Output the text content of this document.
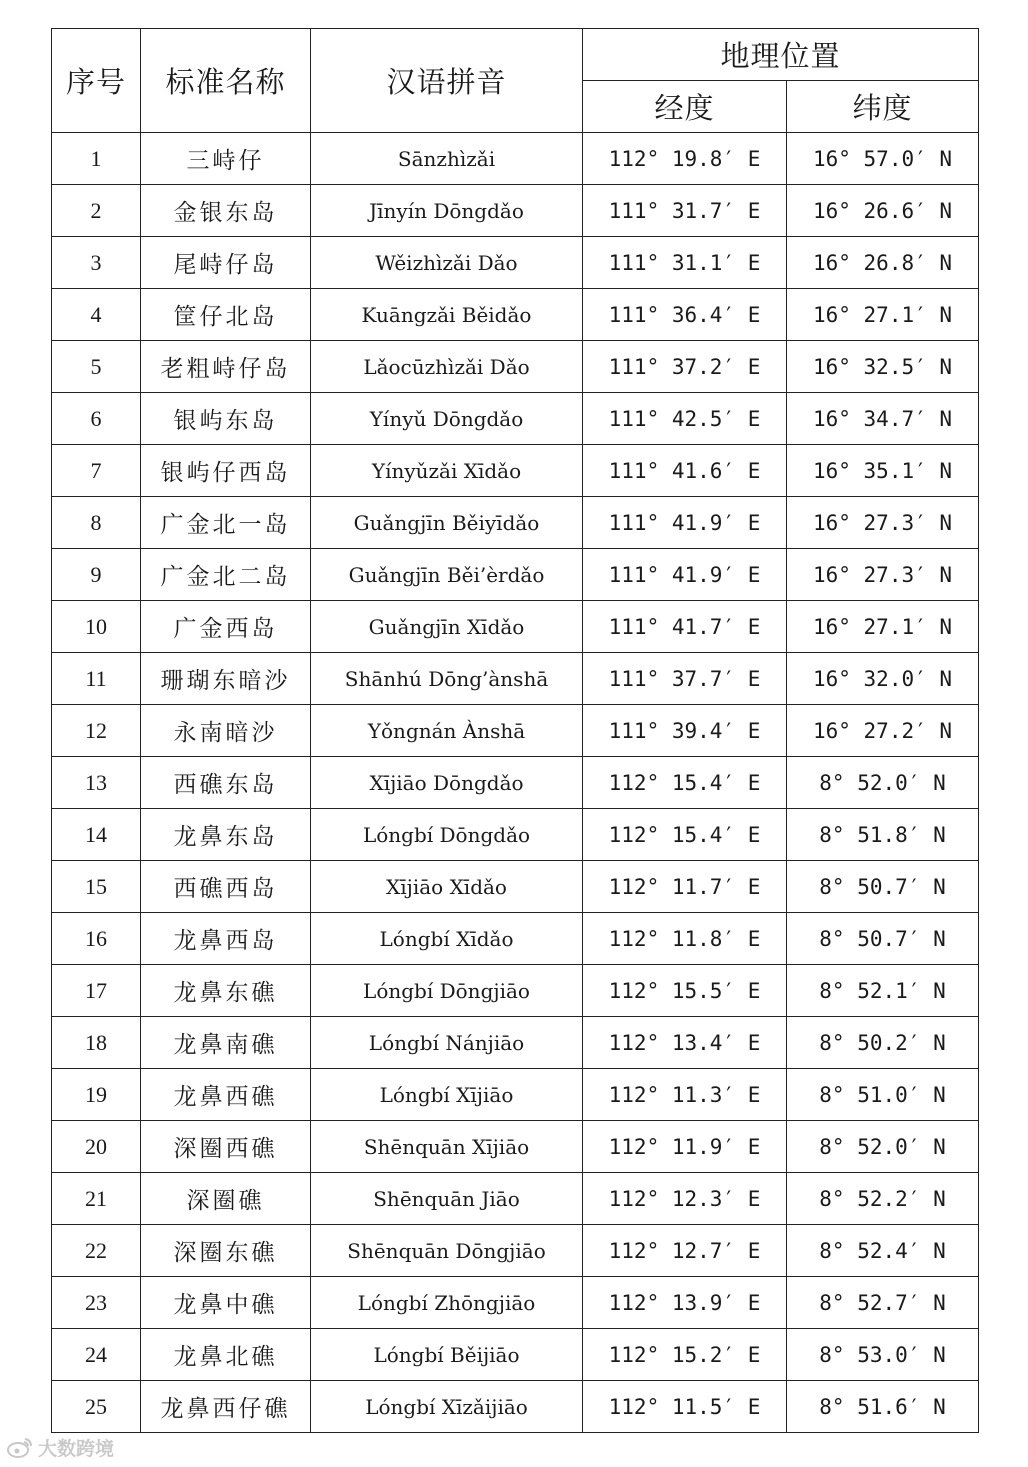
序号	标准名称	汉语拼音	地理位置	
			经度	纬度
1	三峙仔	Sānzhìzǎi	112° 19.8′ E	16° 57.0′ N
2	金银东岛	Jīnyín Dōngdǎo	111° 31.7′ E	16° 26.6′ N
3	尾峙仔岛	Wěizhìzǎi Dǎo	111° 31.1′ E	16° 26.8′ N
4	筐仔北岛	Kuāngzǎi Běidǎo	111° 36.4′ E	16° 27.1′ N
5	老粗峙仔岛	Lǎocūzhìzǎi Dǎo	111° 37.2′ E	16° 32.5′ N
6	银屿东岛	Yínyǔ Dōngdǎo	111° 42.5′ E	16° 34.7′ N
7	银屿仔西岛	Yínyǔzǎi Xīdǎo	111° 41.6′ E	16° 35.1′ N
8	广金北一岛	Guǎngjīn Běiyīdǎo	111° 41.9′ E	16° 27.3′ N
9	广金北二岛	Guǎngjīn Běi’èrdǎo	111° 41.9′ E	16° 27.3′ N
10	广金西岛	Guǎngjīn Xīdǎo	111° 41.7′ E	16° 27.1′ N
11	珊瑚东暗沙	Shānhú Dōng’ànshā	111° 37.7′ E	16° 32.0′ N
12	永南暗沙	Yǒngnán Ànshā	111° 39.4′ E	16° 27.2′ N
13	西礁东岛	Xījiāo Dōngdǎo	112° 15.4′ E	8° 52.0′ N
14	龙鼻东岛	Lóngbí Dōngdǎo	112° 15.4′ E	8° 51.8′ N
15	西礁西岛	Xījiāo Xīdǎo	112° 11.7′ E	8° 50.7′ N
16	龙鼻西岛	Lóngbí Xīdǎo	112° 11.8′ E	8° 50.7′ N
17	龙鼻东礁	Lóngbí Dōngjiāo	112° 15.5′ E	8° 52.1′ N
18	龙鼻南礁	Lóngbí Nánjiāo	112° 13.4′ E	8° 50.2′ N
19	龙鼻西礁	Lóngbí Xījiāo	112° 11.3′ E	8° 51.0′ N
20	深圈西礁	Shēnquān Xījiāo	112° 11.9′ E	8° 52.0′ N
21	深圈礁	Shēnquān Jiāo	112° 12.3′ E	8° 52.2′ N
22	深圈东礁	Shēnquān Dōngjiāo	112° 12.7′ E	8° 52.4′ N
23	龙鼻中礁	Lóngbí Zhōngjiāo	112° 13.9′ E	8° 52.7′ N
24	龙鼻北礁	Lóngbí Běijiāo	112° 15.2′ E	8° 53.0′ N
25	龙鼻西仔礁	Lóngbí Xīzǎijiāo	112° 11.5′ E	8° 51.6′ N
大数跨境
